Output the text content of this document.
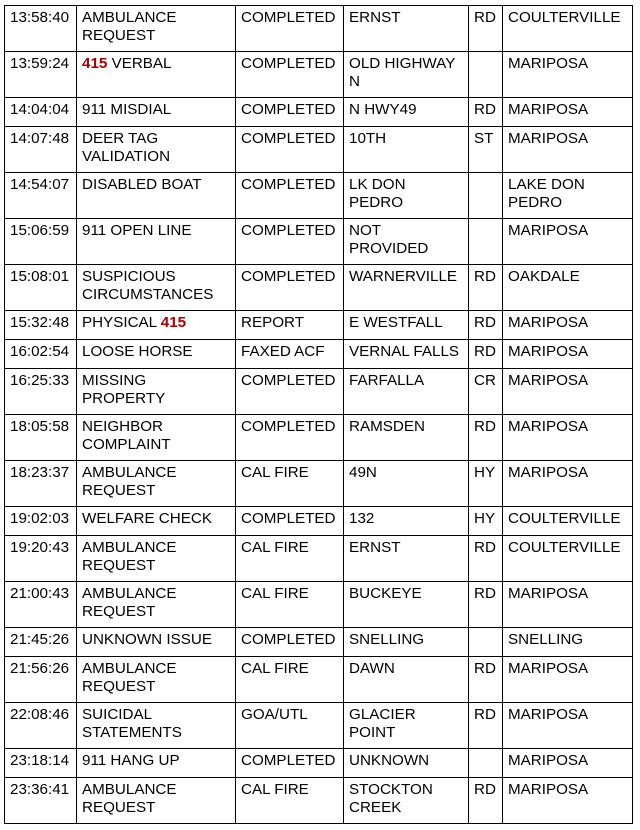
13:58:40	AMBULANCE REQUEST	COMPLETED	ERNST	RD	COULTERVILLE
13:59:24	415 VERBAL	COMPLETED	OLD HIGHWAY N		MARIPOSA
14:04:04	911 MISDIAL	COMPLETED	N HWY49	RD	MARIPOSA
14:07:48	DEER TAG VALIDATION	COMPLETED	10TH	ST	MARIPOSA
14:54:07	DISABLED BOAT	COMPLETED	LK DON PEDRO		LAKE DON PEDRO
15:06:59	911 OPEN LINE	COMPLETED	NOT PROVIDED		MARIPOSA
15:08:01	SUSPICIOUS CIRCUMSTANCES	COMPLETED	WARNERVILLE	RD	OAKDALE
15:32:48	PHYSICAL 415	REPORT	E WESTFALL	RD	MARIPOSA
16:02:54	LOOSE HORSE	FAXED ACF	VERNAL FALLS	RD	MARIPOSA
16:25:33	MISSING PROPERTY	COMPLETED	FARFALLA	CR	MARIPOSA
18:05:58	NEIGHBOR COMPLAINT	COMPLETED	RAMSDEN	RD	MARIPOSA
18:23:37	AMBULANCE REQUEST	CAL FIRE	49N	HY	MARIPOSA
19:02:03	WELFARE CHECK	COMPLETED	132	HY	COULTERVILLE
19:20:43	AMBULANCE REQUEST	CAL FIRE	ERNST	RD	COULTERVILLE
21:00:43	AMBULANCE REQUEST	CAL FIRE	BUCKEYE	RD	MARIPOSA
21:45:26	UNKNOWN ISSUE	COMPLETED	SNELLING		SNELLING
21:56:26	AMBULANCE REQUEST	CAL FIRE	DAWN	RD	MARIPOSA
22:08:46	SUICIDAL STATEMENTS	GOA/UTL	GLACIER POINT	RD	MARIPOSA
23:18:14	911 HANG UP	COMPLETED	UNKNOWN		MARIPOSA
23:36:41	AMBULANCE REQUEST	CAL FIRE	STOCKTON CREEK	RD	MARIPOSA
